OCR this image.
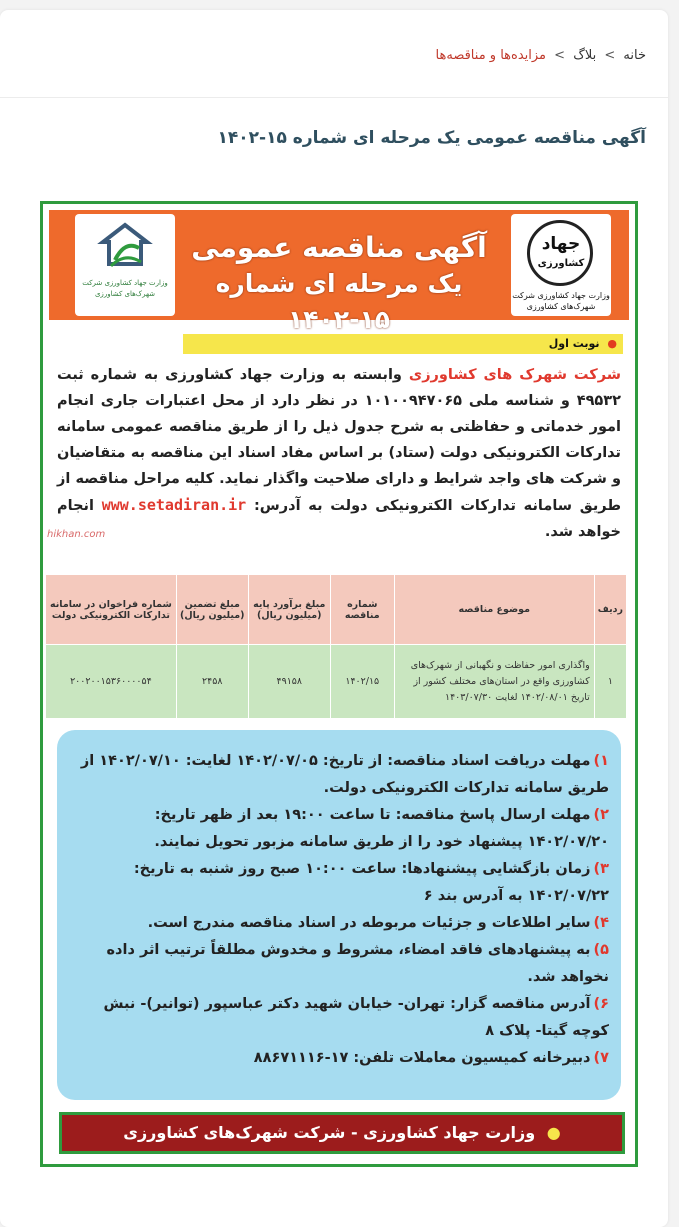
خانه > بلاگ > مزایده‌ها و مناقصه‌ها
آگهی مناقصه عمومی یک مرحله ای شماره ۱۵-۱۴۰۲
جهاد
کشاورزی
وزارت جهاد کشاورزی شرکت شهرک‌های کشاورزی
آگهی مناقصه عمومی
یک مرحله ای شماره ۱۵-۱۴۰۲
وزارت جهاد کشاورزی شرکت شهرک‌های کشاورزی
● نوبت اول
شرکت شهرک های کشاورزی وابسته به وزارت جهاد کشاورزی به شماره ثبت ۴۹۵۳۲ و شناسه ملی ۱۰۱۰۰۹۴۷۰۶۵ در نظر دارد از محل اعتبارات جاری انجام امور خدماتی و حفاظتی به شرح جدول ذیل را از طریق مناقصه عمومی سامانه تدارکات الکترونیکی دولت (ستاد) بر اساس مفاد اسناد این مناقصه به متقاضیان و شرکت های واجد شرایط و دارای صلاحیت واگذار نماید. کلیه مراحل مناقصه از طریق سامانه تدارکات الکترونیکی دولت به آدرس: www.setadiran.ir انجام خواهد شد.
hikhan.com
ردیف	موضوع مناقصه	شماره مناقصه	مبلغ برآورد پایه (میلیون ریال)	مبلغ تضمین (میلیون ریال)	شماره فراخوان در سامانه تدارکات الکترونیکی دولت
۱	واگذاری امور حفاظت و نگهبانی از شهرک‌های کشاورزی واقع در استان‌های مختلف کشور از تاریخ ۱۴۰۲/۰۸/۰۱ لغایت ۱۴۰۳/۰۷/۳۰	۱۴۰۲/۱۵	۴۹۱۵۸	۲۴۵۸	۲۰۰۲۰۰۱۵۳۶۰۰۰۰۵۴

۱)مهلت دریافت اسناد مناقصه: از تاریخ: ۱۴۰۲/۰۷/۰۵ لغایت: ۱۴۰۲/۰۷/۱۰ از طریق سامانه تدارکات الکترونیکی دولت.

۲)مهلت ارسال پاسخ مناقصه: تا ساعت ۱۹:۰۰ بعد از ظهر تاریخ: ۱۴۰۲/۰۷/۲۰ پیشنهاد خود را از طریق سامانه مزبور تحویل نمایند.

۳)زمان بازگشایی پیشنهادها: ساعت ۱۰:۰۰ صبح روز شنبه به تاریخ: ۱۴۰۲/۰۷/۲۲ به آدرس بند ۶

۴)سایر اطلاعات و جزئیات مربوطه در اسناد مناقصه مندرج است.

۵)به پیشنهادهای فاقد امضاء، مشروط و مخدوش مطلقاً ترتیب اثر داده نخواهد شد.

۶)آدرس مناقصه گزار: تهران- خیابان شهید دکتر عباسپور (توانیر)- نبش کوچه گیتا- پلاک ۸

۷)دبیرخانه کمیسیون معاملات تلفن: ۱۷-۸۸۶۷۱۱۱۶

● وزارت جهاد کشاورزی - شرکت شهرک‌های کشاورزی
